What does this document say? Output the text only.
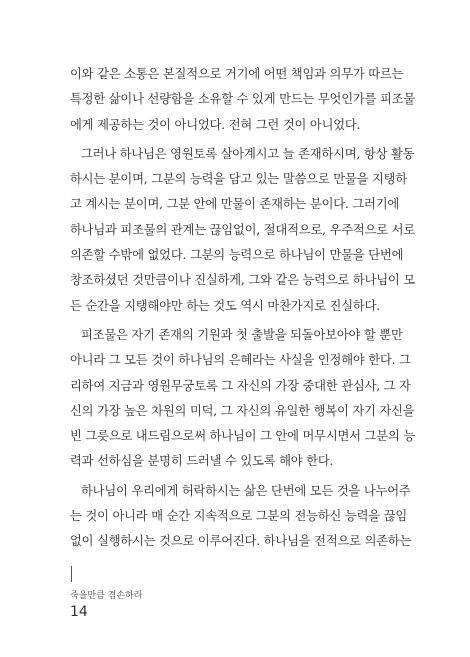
이와 같은 소통은 본질적으로 거기에 어떤 책임과 의무가 따르는
특정한 삶이나 선량함을 소유할 수 있게 만드는 무엇인가를 피조물
에게 제공하는 것이 아니었다. 전혀 그런 것이 아니었다.
그러나 하나님은 영원토록 살아계시고 늘 존재하시며, 항상 활동
하시는 분이며, 그분의 능력을 담고 있는 말씀으로 만물을 지탱하
고 계시는 분이며, 그분 안에 만물이 존재하는 분이다. 그러기에
하나님과 피조물의 관계는 끊임없이, 절대적으로, 우주적으로 서로
의존할 수밖에 없었다. 그분의 능력으로 하나님이 만물을 단번에
창조하셨던 것만큼이나 진실하게, 그와 같은 능력으로 하나님이 모
든 순간을 지탱해야만 하는 것도 역시 마찬가지로 진실하다.
피조물은 자기 존재의 기원과 첫 출발을 되돌아보아야 할 뿐만
아니라 그 모든 것이 하나님의 은혜라는 사실을 인정해야 한다. 그
리하여 지금과 영원무궁토록 그 자신의 가장 중대한 관심사, 그 자
신의 가장 높은 차원의 미덕, 그 자신의 유일한 행복이 자기 자신을
빈 그릇으로 내드림으로써 하나님이 그 안에 머무시면서 그분의 능
력과 선하심을 분명히 드러낼 수 있도록 해야 한다.
하나님이 우리에게 허락하시는 삶은 단번에 모든 것을 나누어주
는 것이 아니라 매 순간 지속적으로 그분의 전능하신 능력을 끊임
없이 실행하시는 것으로 이루어진다. 하나님을 전적으로 의존하는
죽을만큼 겸손하라
14
